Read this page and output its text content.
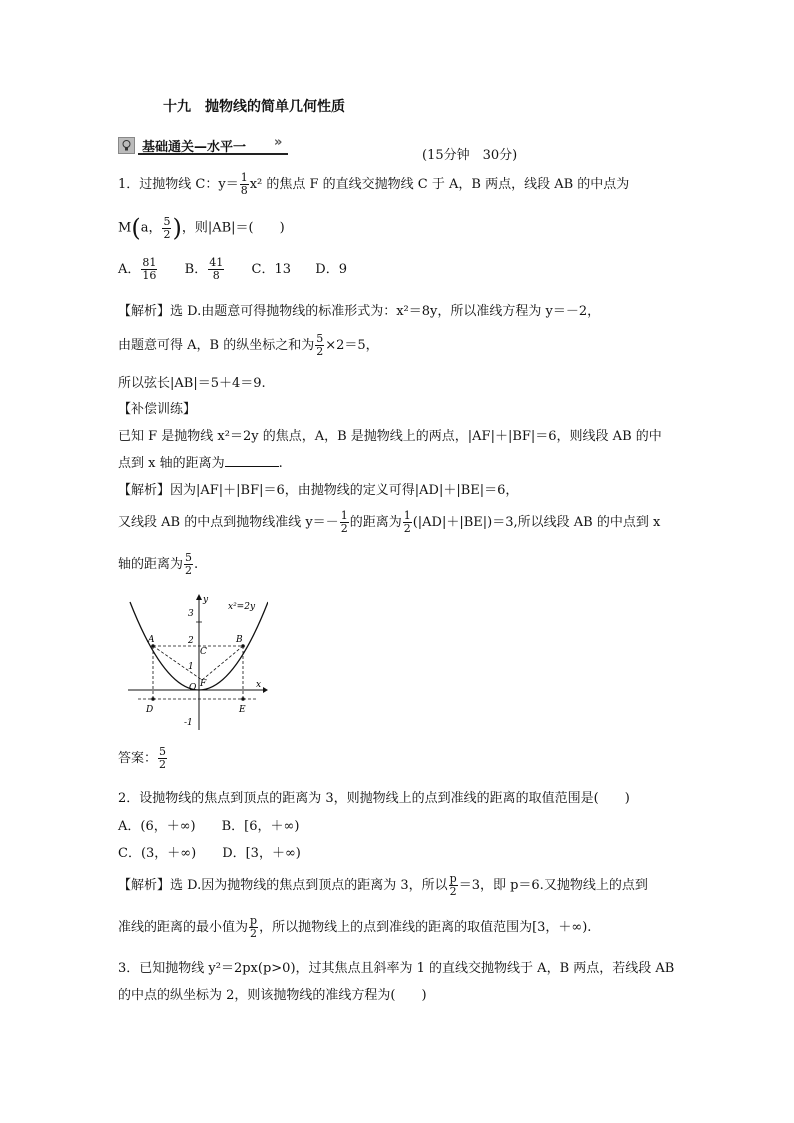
十九　抛物线的简单几何性质
基础通关—水平一 »
(15分钟　30分)
1．过抛物线 C：$y= \frac{1}{8} x^2$ 的焦点 F 的直线交抛物线 C 于 A，B 两点，线段 AB 的中点为
M(a， $\frac{5}{2}$ )，则|AB|＝(　　)
A． $\frac{81}{16}$ B． $\frac{41}{8}$ C．13 D．9
【解析】选 D.由题意可得抛物线的标准形式为：x²＝8y，所以准线方程为 y＝－2，
由题意可得 A，B 的纵坐标之和为 $\frac{5}{2} \times 2=5$，
所以弦长|AB|＝5＋4＝9.
【补偿训练】
已知 F 是抛物线 x²＝2y 的焦点，A，B 是抛物线上的两点，|AF|＋|BF|＝6，则线段 AB 的中
点到 x 轴的距离为	.
【解析】因为|AF|＋|BF|＝6，由抛物线的定义可得|AD|＋|BE|＝6，
又线段 AB 的中点到抛物线准线 $y=- \frac{1}{2}$ 的距离为 $\frac{1}{2} (|AD|+|BE|)=3$,所以线段 AB 的中点到 x
轴的距离为 $\frac{5}{2}$ .
x²=2y
y
x
3
2
1
-1
A	B
C
O F
D	E
答案： $\frac{5}{2}$
2．设抛物线的焦点到顶点的距离为 3，则抛物线上的点到准线的距离的取值范围是(　　)
A．(6，＋∞)　　B．[6，＋∞)
C．(3，＋∞)　　D．[3，＋∞)
【解析】选 D.因为抛物线的焦点到顶点的距离为 3，所以 $\frac{p}{2} =3$，即 p＝6.又抛物线上的点到
准线的距离的最小值为 $\frac{p}{2}$ ，所以抛物线上的点到准线的距离的取值范围为[3，＋∞).
3．已知抛物线 y²＝2px(p>0)，过其焦点且斜率为 1 的直线交抛物线于 A，B 两点，若线段 AB
的中点的纵坐标为 2，则该抛物线的准线方程为(　　)
